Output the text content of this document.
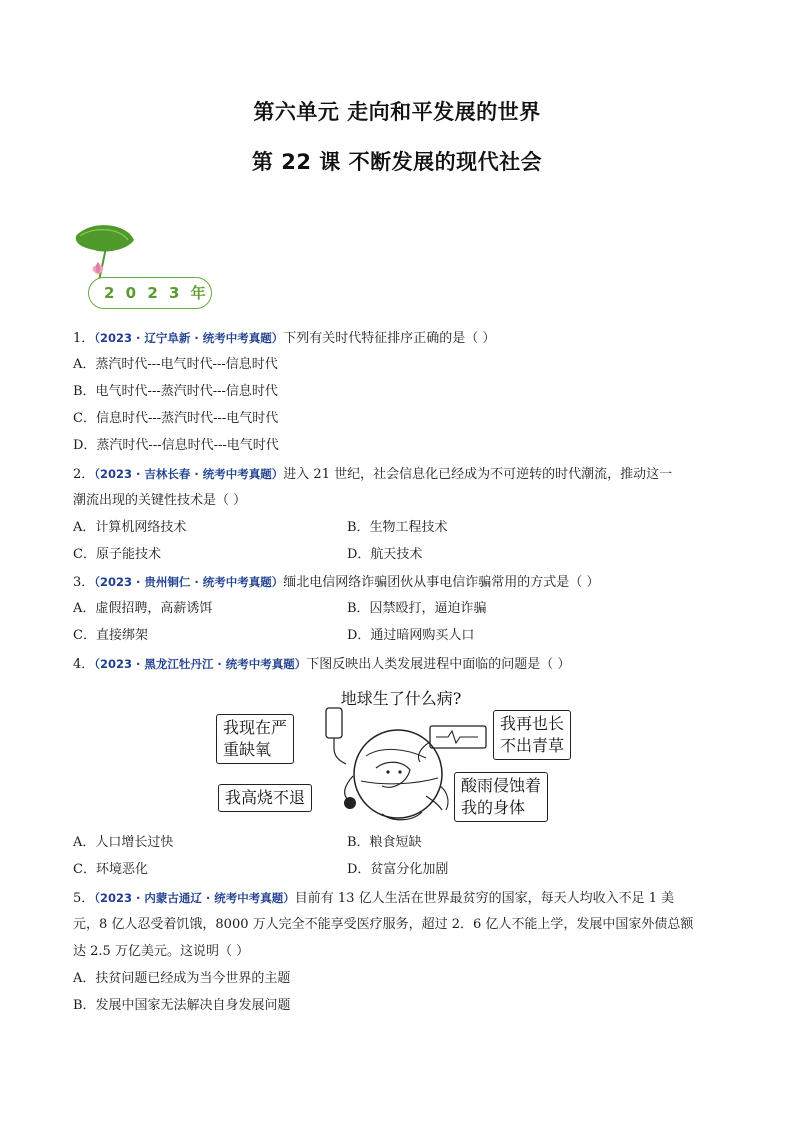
第六单元 走向和平发展的世界
第 22 课 不断发展的现代社会
2 0 2 3 年
1．（2023 · 辽宁阜新 · 统考中考真题）下列有关时代特征排序正确的是（ ）
A．蒸汽时代---电气时代---信息时代
B．电气时代---蒸汽时代---信息时代
C．信息时代---蒸汽时代---电气时代
D．蒸汽时代---信息时代---电气时代
2．（2023 · 吉林长春 · 统考中考真题）进入 21 世纪，社会信息化已经成为不可逆转的时代潮流，推动这一
潮流出现的关键性技术是（ ）
A．计算机网络技术	B．生物工程技术
C．原子能技术	D．航天技术
3．（2023 · 贵州铜仁 · 统考中考真题）缅北电信网络诈骗团伙从事电信诈骗常用的方式是（ ）
A．虚假招聘，高薪诱饵	B．囚禁殴打，逼迫诈骗
C．直接绑架	D．通过暗网购买人口
4．（2023 · 黑龙江牡丹江 · 统考中考真题）下图反映出人类发展进程中面临的问题是（ ）
地球生了什么病?
我现在严
重缺氧
我再也长
不出青草
我高烧不退
酸雨侵蚀着
我的身体
A．人口增长过快	B．粮食短缺
C．环境恶化	D．贫富分化加剧
5．（2023 · 内蒙古通辽 · 统考中考真题）目前有 13 亿人生活在世界最贫穷的国家，每天人均收入不足 1 美
元，8 亿人忍受着饥饿，8000 万人完全不能享受医疗服务，超过 2．6 亿人不能上学，发展中国家外债总额
达 2.5 万亿美元。这说明（ ）
A．扶贫问题已经成为当今世界的主题
B．发展中国家无法解决自身发展问题
